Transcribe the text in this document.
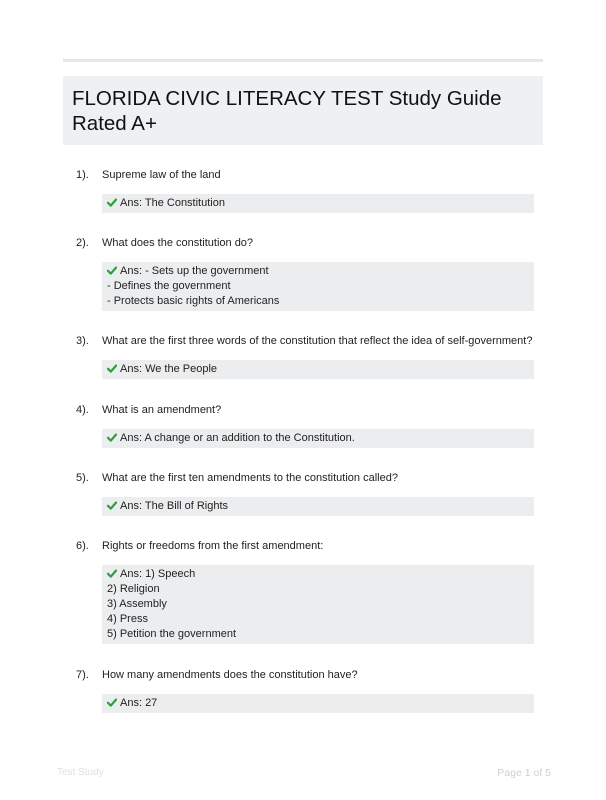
FLORIDA CIVIC LITERACY TEST Study Guide Rated A+
1). Supreme law of the land
Ans: The Constitution
2). What does the constitution do?
Ans: - Sets up the government
- Defines the government
- Protects basic rights of Americans
3). What are the first three words of the constitution that reflect the idea of self-government?
Ans: We the People
4). What is an amendment?
Ans: A change or an addition to the Constitution.
5). What are the first ten amendments to the constitution called?
Ans: The Bill of Rights
6). Rights or freedoms from the first amendment:
Ans: 1) Speech
2) Religion
3) Assembly
4) Press
5) Petition the government
7). How many amendments does the constitution have?
Ans: 27
Test Study	Page 1 of 5
